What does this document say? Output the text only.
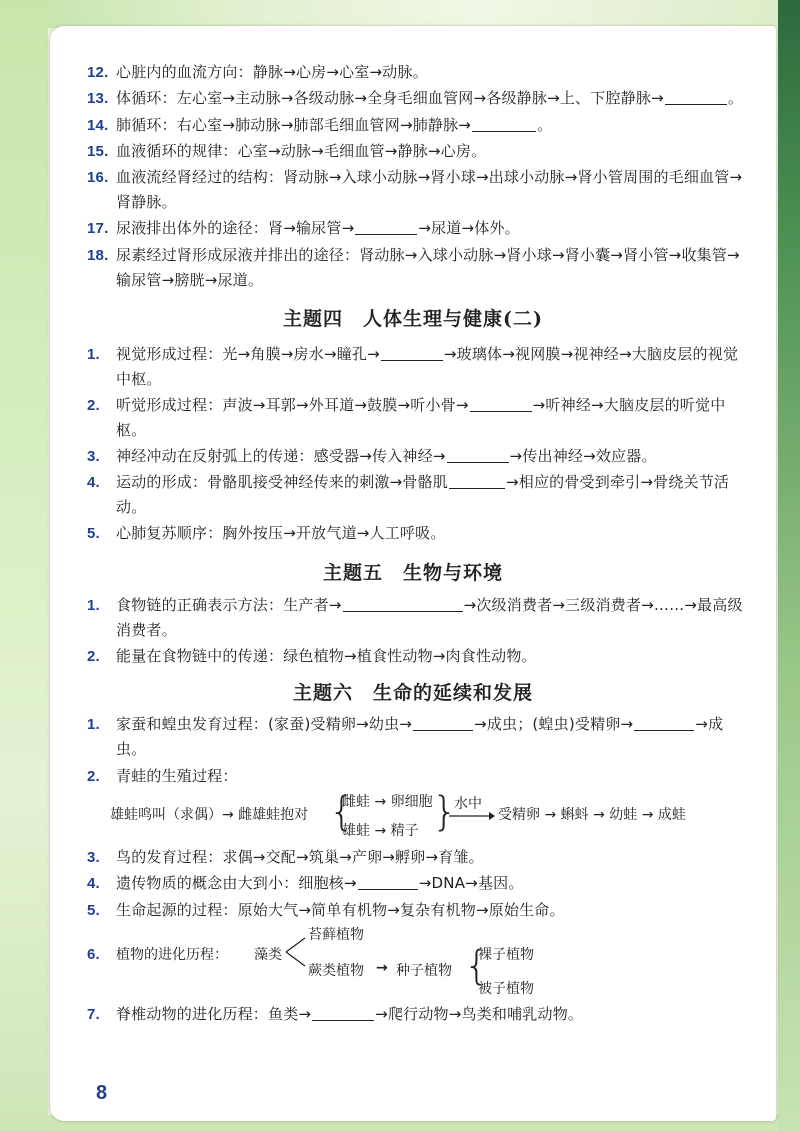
12. 心脏内的血流方向：静脉→心房→心室→动脉。
13. 体循环：左心室→主动脉→各级动脉→全身毛细血管网→各级静脉→上、下腔静脉→	。
14. 肺循环：右心室→肺动脉→肺部毛细血管网→肺静脉→	。
15. 血液循环的规律：心室→动脉→毛细血管→静脉→心房。
16. 血液流经肾经过的结构：肾动脉→入球小动脉→肾小球→出球小动脉→肾小管周围的毛细血管→肾静脉。
17. 尿液排出体外的途径：肾→输尿管→	→尿道→体外。
18. 尿素经过肾形成尿液并排出的途径：肾动脉→入球小动脉→肾小球→肾小囊→肾小管→收集管→输尿管→膀胱→尿道。
主题四　人体生理与健康(二)
1.	视觉形成过程：光→角膜→房水→瞳孔→	→玻璃体→视网膜→视神经→大脑皮层的视觉中枢。
2.	听觉形成过程：声波→耳郭→外耳道→鼓膜→听小骨→	→听神经→大脑皮层的听觉中枢。
3.	神经冲动在反射弧上的传递：感受器→传入神经→	→传出神经→效应器。
4.	运动的形成：骨骼肌接受神经传来的刺激→骨骼肌	→相应的骨受到牵引→骨绕关节活动。
5.	心肺复苏顺序：胸外按压→开放气道→人工呼吸。
主题五　生物与环境
1.	食物链的正确表示方法：生产者→	→次级消费者→三级消费者→……→最高级消费者。
2.	能量在食物链中的传递：绿色植物→植食性动物→肉食性动物。
主题六　生命的延续和发展
1.	家蚕和蝗虫发育过程：(家蚕)受精卵→幼虫→	→成虫；(蝗虫)受精卵→	→成虫。
2.	青蛙的生殖过程：
雄蛙鸣叫（求偶）→ 雌雄蛙抱对 {
雌蛙 → 卵细胞
雄蛙 → 精子 }
水中
受精卵 → 蝌蚪 → 幼蛙 → 成蛙
3.	鸟的发育过程：求偶→交配→筑巢→产卵→孵卵→育雏。
4.	遗传物质的概念由大到小：细胞核→	→DNA→基因。
5.	生命起源的过程：原始大气→简单有机物→复杂有机物→原始生命。
6. 植物的进化历程： 藻类
苔藓植物
蕨类植物 → 种子植物 {
裸子植物
被子植物
7.	脊椎动物的进化历程：鱼类→	→爬行动物→鸟类和哺乳动物。
8
